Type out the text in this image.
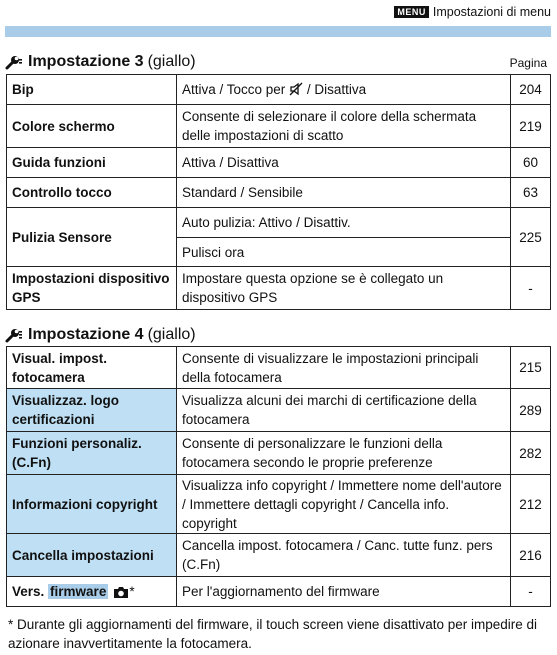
MENU Impostazioni di menu
Impostazione 3 (giallo)	Pagina
Bip	Attiva / Tocco per / Disattiva	204
Colore schermo	Consente di selezionare il colore della schermata delle impostazioni di scatto	219
Guida funzioni	Attiva / Disattiva	60
Controllo tocco	Standard / Sensibile	63
Pulizia Sensore	Auto pulizia: Attivo / Disattiv.	225
	Pulisci ora	
Impostazioni dispositivo GPS	Impostare questa opzione se è collegato un dispositivo GPS	-
Impostazione 4 (giallo)
Visual. impost. fotocamera	Consente di visualizzare le impostazioni principali della fotocamera	215
Visualizzaz. logo certificazioni	Visualizza alcuni dei marchi di certificazione della fotocamera	289
Funzioni personaliz. (C.Fn)	Consente di personalizzare le funzioni della fotocamera secondo le proprie preferenze	282
Informazioni copyright	Visualizza info copyright / Immettere nome dell'autore / Immettere dettagli copyright / Cancella info. copyright	212
Cancella impostazioni	Cancella impost. fotocamera / Canc. tutte funz. pers (C.Fn)	216
Vers. firmware *	Per l'aggiornamento del firmware	-
* Durante gli aggiornamenti del firmware, il touch screen viene disattivato per impedire di azionare inavvertitamente la fotocamera.
